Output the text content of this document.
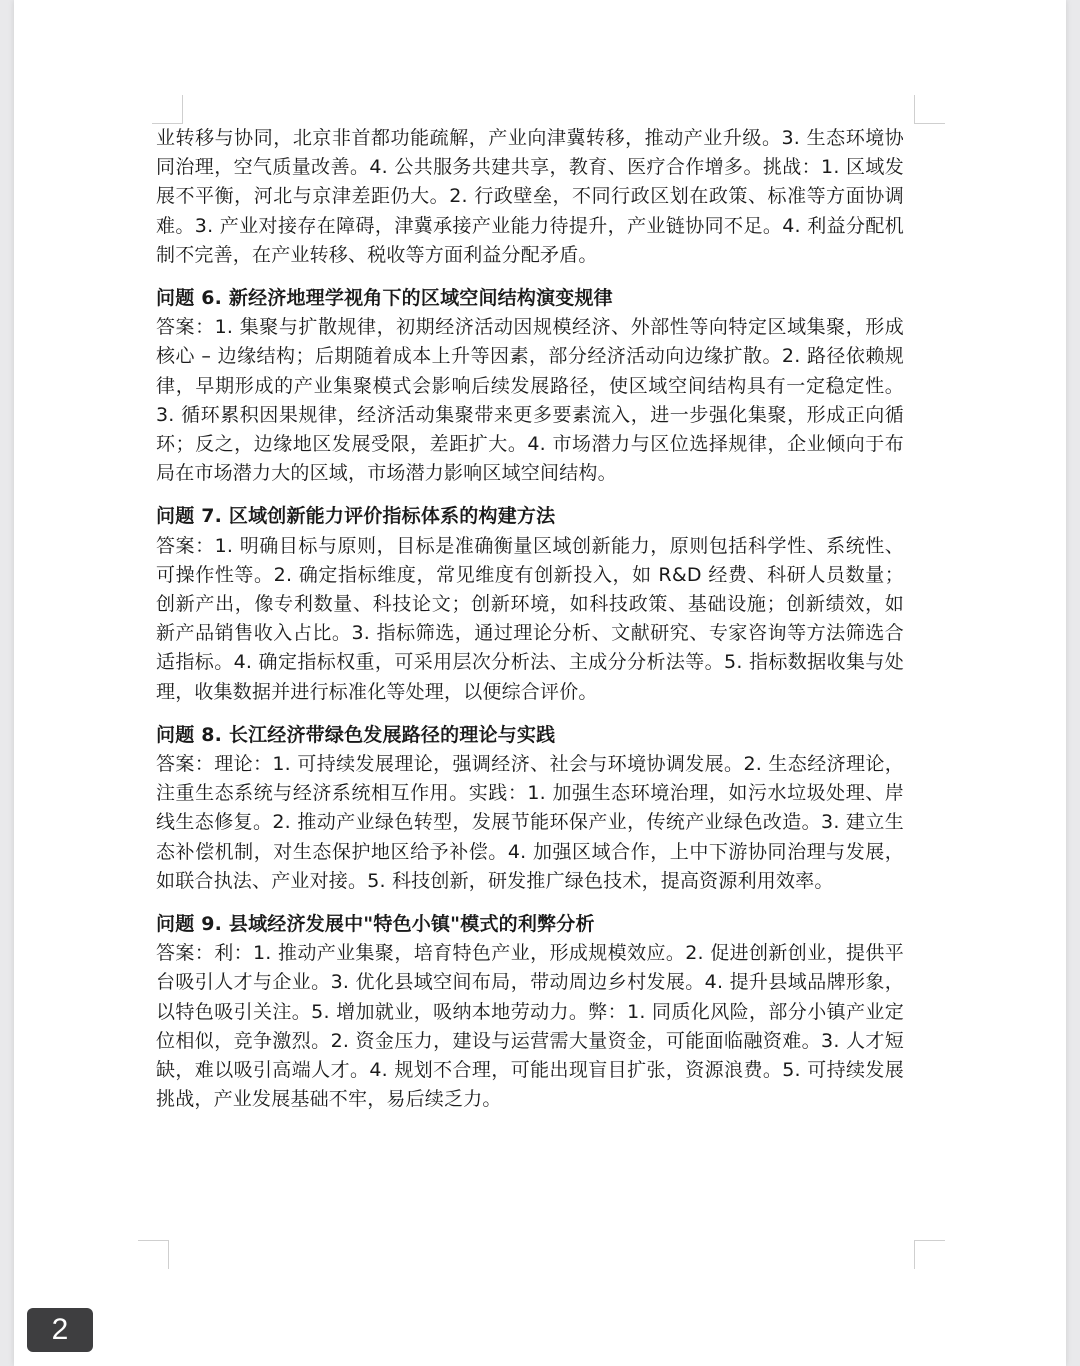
业转移与协同，北京非首都功能疏解，产业向津冀转移，推动产业升级。3. 生态环境协同治理，空气质量改善。4. 公共服务共建共享，教育、医疗合作增多。挑战：1. 区域发展不平衡，河北与京津差距仍大。2. 行政壁垒，不同行政区划在政策、标准等方面协调难。3. 产业对接存在障碍，津冀承接产业能力待提升，产业链协同不足。4. 利益分配机制不完善，在产业转移、税收等方面利益分配矛盾。

问题 6. 新经济地理学视角下的区域空间结构演变规律

答案：1. 集聚与扩散规律，初期经济活动因规模经济、外部性等向特定区域集聚，形成核心 – 边缘结构；后期随着成本上升等因素，部分经济活动向边缘扩散。2. 路径依赖规律，早期形成的产业集聚模式会影响后续发展路径，使区域空间结构具有一定稳定性。3. 循环累积因果规律，经济活动集聚带来更多要素流入，进一步强化集聚，形成正向循环；反之，边缘地区发展受限，差距扩大。4. 市场潜力与区位选择规律，企业倾向于布局在市场潜力大的区域，市场潜力影响区域空间结构。

问题 7. 区域创新能力评价指标体系的构建方法

答案：1. 明确目标与原则，目标是准确衡量区域创新能力，原则包括科学性、系统性、可操作性等。2. 确定指标维度，常见维度有创新投入，如 R&D 经费、科研人员数量；创新产出，像专利数量、科技论文；创新环境，如科技政策、基础设施；创新绩效，如新产品销售收入占比。3. 指标筛选，通过理论分析、文献研究、专家咨询等方法筛选合适指标。4. 确定指标权重，可采用层次分析法、主成分分析法等。5. 指标数据收集与处理，收集数据并进行标准化等处理，以便综合评价。

问题 8. 长江经济带绿色发展路径的理论与实践

答案：理论：1. 可持续发展理论，强调经济、社会与环境协调发展。2. 生态经济理论，注重生态系统与经济系统相互作用。实践：1. 加强生态环境治理，如污水垃圾处理、岸线生态修复。2. 推动产业绿色转型，发展节能环保产业，传统产业绿色改造。3. 建立生态补偿机制，对生态保护地区给予补偿。4. 加强区域合作，上中下游协同治理与发展，如联合执法、产业对接。5. 科技创新，研发推广绿色技术，提高资源利用效率。

问题 9. 县域经济发展中"特色小镇"模式的利弊分析

答案：利：1. 推动产业集聚，培育特色产业，形成规模效应。2. 促进创新创业，提供平台吸引人才与企业。3. 优化县域空间布局，带动周边乡村发展。4. 提升县域品牌形象，以特色吸引关注。5. 增加就业，吸纳本地劳动力。弊：1. 同质化风险，部分小镇产业定位相似，竞争激烈。2. 资金压力，建设与运营需大量资金，可能面临融资难。3. 人才短缺，难以吸引高端人才。4. 规划不合理，可能出现盲目扩张，资源浪费。5. 可持续发展挑战，产业发展基础不牢，易后续乏力。

2
